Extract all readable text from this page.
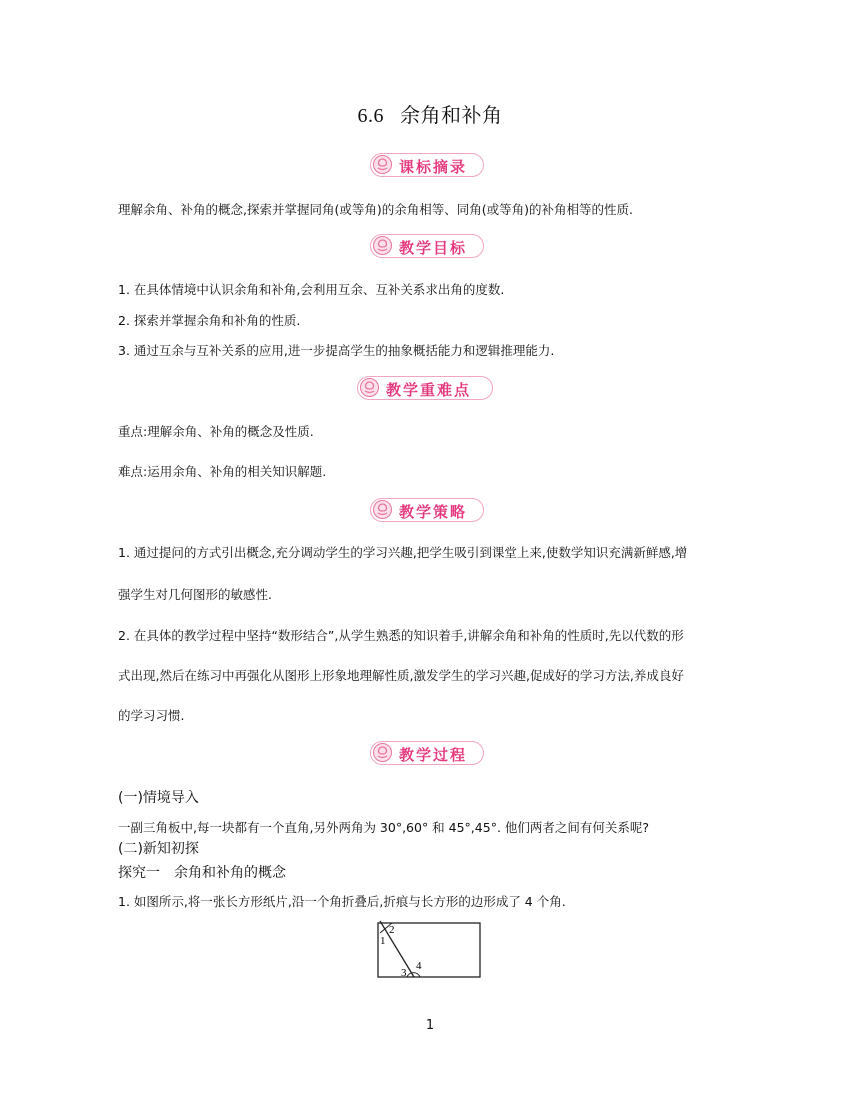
6.6 余角和补角
课标摘录
理解余角、补角的概念,探索并掌握同角(或等角)的余角相等、同角(或等角)的补角相等的性质.
教学目标
1. 在具体情境中认识余角和补角,会利用互余、互补关系求出角的度数.
2. 探索并掌握余角和补角的性质.
3. 通过互余与互补关系的应用,进一步提高学生的抽象概括能力和逻辑推理能力.
教学重难点
重点:理解余角、补角的概念及性质.
难点:运用余角、补角的相关知识解题.
教学策略
1. 通过提问的方式引出概念,充分调动学生的学习兴趣,把学生吸引到课堂上来,使数学知识充满新鲜感,增
强学生对几何图形的敏感性.
2. 在具体的教学过程中坚持“数形结合”,从学生熟悉的知识着手,讲解余角和补角的性质时,先以代数的形
式出现,然后在练习中再强化从图形上形象地理解性质,激发学生的学习兴趣,促成好的学习方法,养成良好
的学习习惯.
教学过程
(一)情境导入
一副三角板中,每一块都有一个直角,另外两角为 30°,60° 和 45°,45°. 他们两者之间有何关系呢?
(二)新知初探
探究一　余角和补角的概念
1. 如图所示,将一张长方形纸片,沿一个角折叠后,折痕与长方形的边形成了 4 个角.
1
2
3
4
1
